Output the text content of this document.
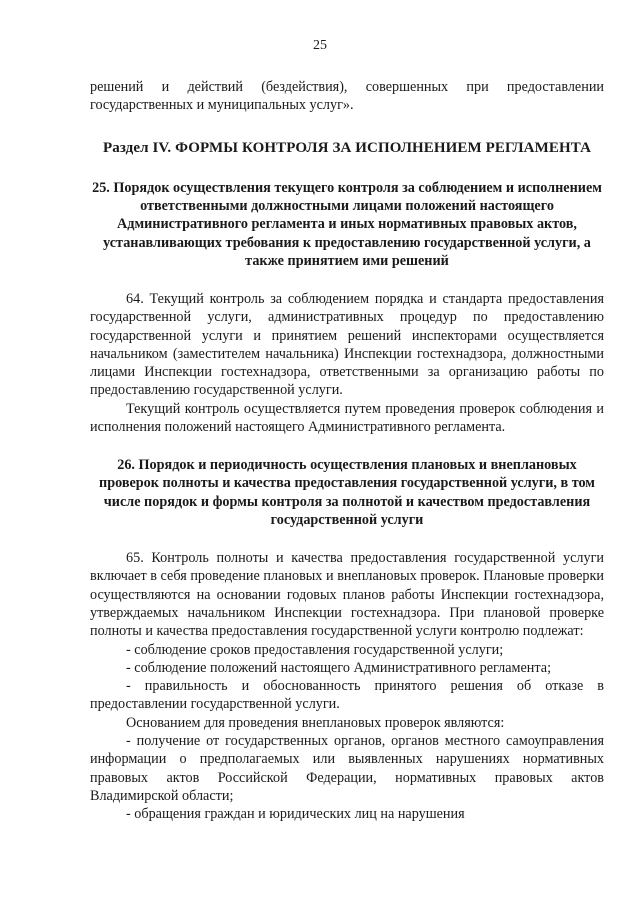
25

решений и действий (бездействия), совершенных при предоставлении государственных и муниципальных услуг».

Раздел IV. ФОРМЫ КОНТРОЛЯ ЗА ИСПОЛНЕНИЕМ РЕГЛАМЕНТА

25. Порядок осуществления текущего контроля за соблюдением и исполнением ответственными должностными лицами положений настоящего Административного регламента и иных нормативных правовых актов, устанавливающих требования к предоставлению государственной услуги, а также принятием ими решений

64. Текущий контроль за соблюдением порядка и стандарта предоставления государственной услуги, административных процедур по предоставлению государственной услуги и принятием решений инспекторами осуществляется начальником (заместителем начальника) Инспекции гостехнадзора, должностными лицами Инспекции гостехнадзора, ответственными за организацию работы по предоставлению государственной услуги.

Текущий контроль осуществляется путем проведения проверок соблюдения и исполнения положений настоящего Административного регламента.

26. Порядок и периодичность осуществления плановых и внеплановых проверок полноты и качества предоставления государственной услуги, в том числе порядок и формы контроля за полнотой и качеством предоставления государственной услуги

65. Контроль полноты и качества предоставления государственной услуги включает в себя проведение плановых и внеплановых проверок. Плановые проверки осуществляются на основании годовых планов работы Инспекции гостехнадзора, утверждаемых начальником Инспекции гостехнадзора. При плановой проверке полноты и качества предоставления государственной услуги контролю подлежат:

- соблюдение сроков предоставления государственной услуги;

- соблюдение положений настоящего Административного регламента;

- правильность и обоснованность принятого решения об отказе в предоставлении государственной услуги.

Основанием для проведения внеплановых проверок являются:

- получение от государственных органов, органов местного самоуправления информации о предполагаемых или выявленных нарушениях нормативных правовых актов Российской Федерации, нормативных правовых актов Владимирской области;

- обращения граждан и юридических лиц на нарушения
